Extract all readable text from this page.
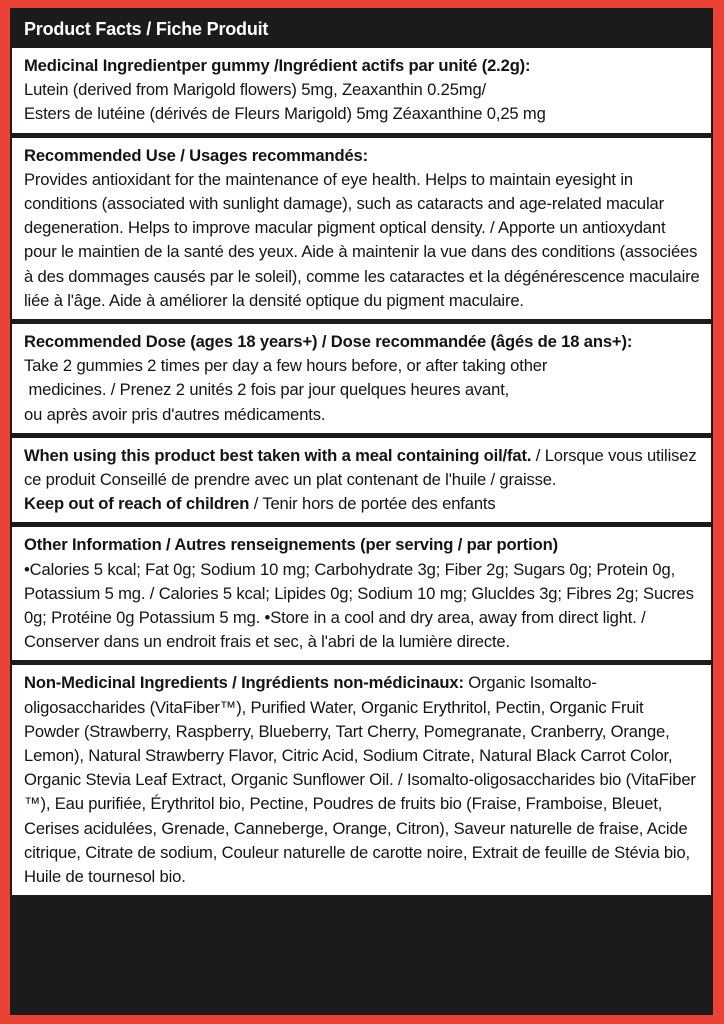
Product Facts / Fiche Produit
Medicinal Ingredientper gummy /Ingrédient actifs par unité (2.2g):
Lutein (derived from Marigold flowers) 5mg, Zeaxanthin 0.25mg/
Esters de lutéine (dérivés de Fleurs Marigold) 5mg Zéaxanthine 0,25 mg
Recommended Use / Usages recommandés:

Provides antioxidant for the maintenance of eye health. Helps to maintain eyesight in conditions (associated with sunlight damage), such as cataracts and age-related macular degeneration. Helps to improve macular pigment optical density. / Apporte un antioxydant pour le maintien de la santé des yeux. Aide à maintenir la vue dans des conditions (associées à des dommages causés par le soleil), comme les cataractes et la dégénérescence maculaire liée à l'âge. Aide à améliorer la densité optique du pigment maculaire.

Recommended Dose (ages 18 years+) / Dose recommandée (âgés de 18 ans+):
Take 2 gummies 2 times per day a few hours before, or after taking other
medicines. / Prenez 2 unités 2 fois par jour quelques heures avant,
ou après avoir pris d'autres médicaments.

When using this product best taken with a meal containing oil/fat. / Lorsque vous utilisez ce produit Conseillé de prendre avec un plat contenant de l'huile / graisse.

Keep out of reach of children / Tenir hors de portée des enfants

Other Information / Autres renseignements (per serving / par portion)

•Calories 5 kcal; Fat 0g; Sodium 10 mg; Carbohydrate 3g; Fiber 2g; Sugars 0g; Protein 0g, Potassium 5 mg. / Calories 5 kcal; Lipides 0g; Sodium 10 mg; Glucldes 3g; Fibres 2g; Sucres 0g; Protéine 0g Potassium 5 mg. •Store in a cool and dry area, away from direct light. / Conserver dans un endroit frais et sec, à l'abri de la lumière directe.

Non-Medicinal Ingredients / Ingrédients non-médicinaux: Organic Isomalto-oligosaccharides (VitaFiber™), Purified Water, Organic Erythritol, Pectin, Organic Fruit Powder (Strawberry, Raspberry, Blueberry, Tart Cherry, Pomegranate, Cranberry, Orange, Lemon), Natural Strawberry Flavor, Citric Acid, Sodium Citrate, Natural Black Carrot Color, Organic Stevia Leaf Extract, Organic Sunflower Oil. / Isomalto-oligosaccharides bio (VitaFiber ™), Eau purifiée, Érythritol bio, Pectine, Poudres de fruits bio (Fraise, Framboise, Bleuet, Cerises acidulées, Grenade, Canneberge, Orange, Citron), Saveur naturelle de fraise, Acide citrique, Citrate de sodium, Couleur naturelle de carotte noire, Extrait de feuille de Stévia bio, Huile de tournesol bio.
